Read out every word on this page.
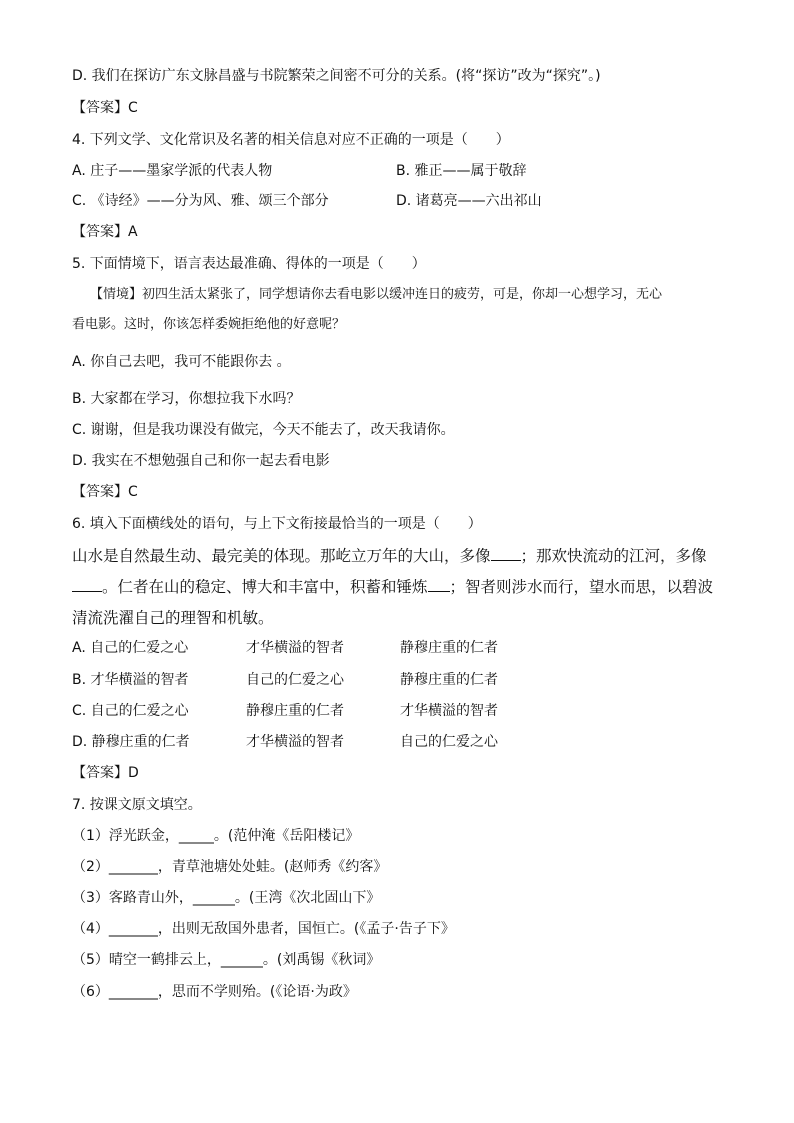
D. 我们在探访广东文脉昌盛与书院繁荣之间密不可分的关系。(将“探访”改为“探究”。)
【答案】C
4. 下列文学、文化常识及名著的相关信息对应不正确的一项是（　　）
A. 庄子——墨家学派的代表人物	B. 雅正——属于敬辞
C. 《诗经》——分为风、雅、颂三个部分	D. 诸葛亮——六出祁山
【答案】A
5. 下面情境下，语言表达最准确、得体的一项是（　　）
【情境】初四生活太紧张了，同学想请你去看电影以缓冲连日的疲劳，可是，你却一心想学习，无心
看电影。这时，你该怎样委婉拒绝他的好意呢？
A. 你自己去吧，我可不能跟你去 。
B. 大家都在学习，你想拉我下水吗？
C. 谢谢，但是我功课没有做完，今天不能去了，改天我请你。
D. 我实在不想勉强自己和你一起去看电影
【答案】C
6. 填入下面横线处的语句，与上下文衔接最恰当的一项是（　　）
山水是自然最生动、最完美的体现。那屹立万年的大山，多像 ；那欢快流动的江河，多像。仁者在山的稳定、博大和丰富中，积蓄和锤炼 ；智者则涉水而行，望水而思，以碧波清流洗濯自己的理智和机敏。
A. 自己的仁爱之心	才华横溢的智者	静穆庄重的仁者
B. 才华横溢的智者	自己的仁爱之心	静穆庄重的仁者
C. 自己的仁爱之心	静穆庄重的仁者	才华横溢的智者
D. 静穆庄重的仁者	才华横溢的智者	自己的仁爱之心
【答案】D
7. 按课文原文填空。
（1）浮光跃金，_____。(范仲淹《岳阳楼记》
（2）_______，青草池塘处处蛙。(赵师秀《约客》
（3）客路青山外，______。(王湾《次北固山下》
（4）_______，出则无敌国外患者，国恒亡。(《孟子·告子下》
（5）晴空一鹤排云上，______。(刘禹锡《秋词》
（6）_______，思而不学则殆。(《论语·为政》
